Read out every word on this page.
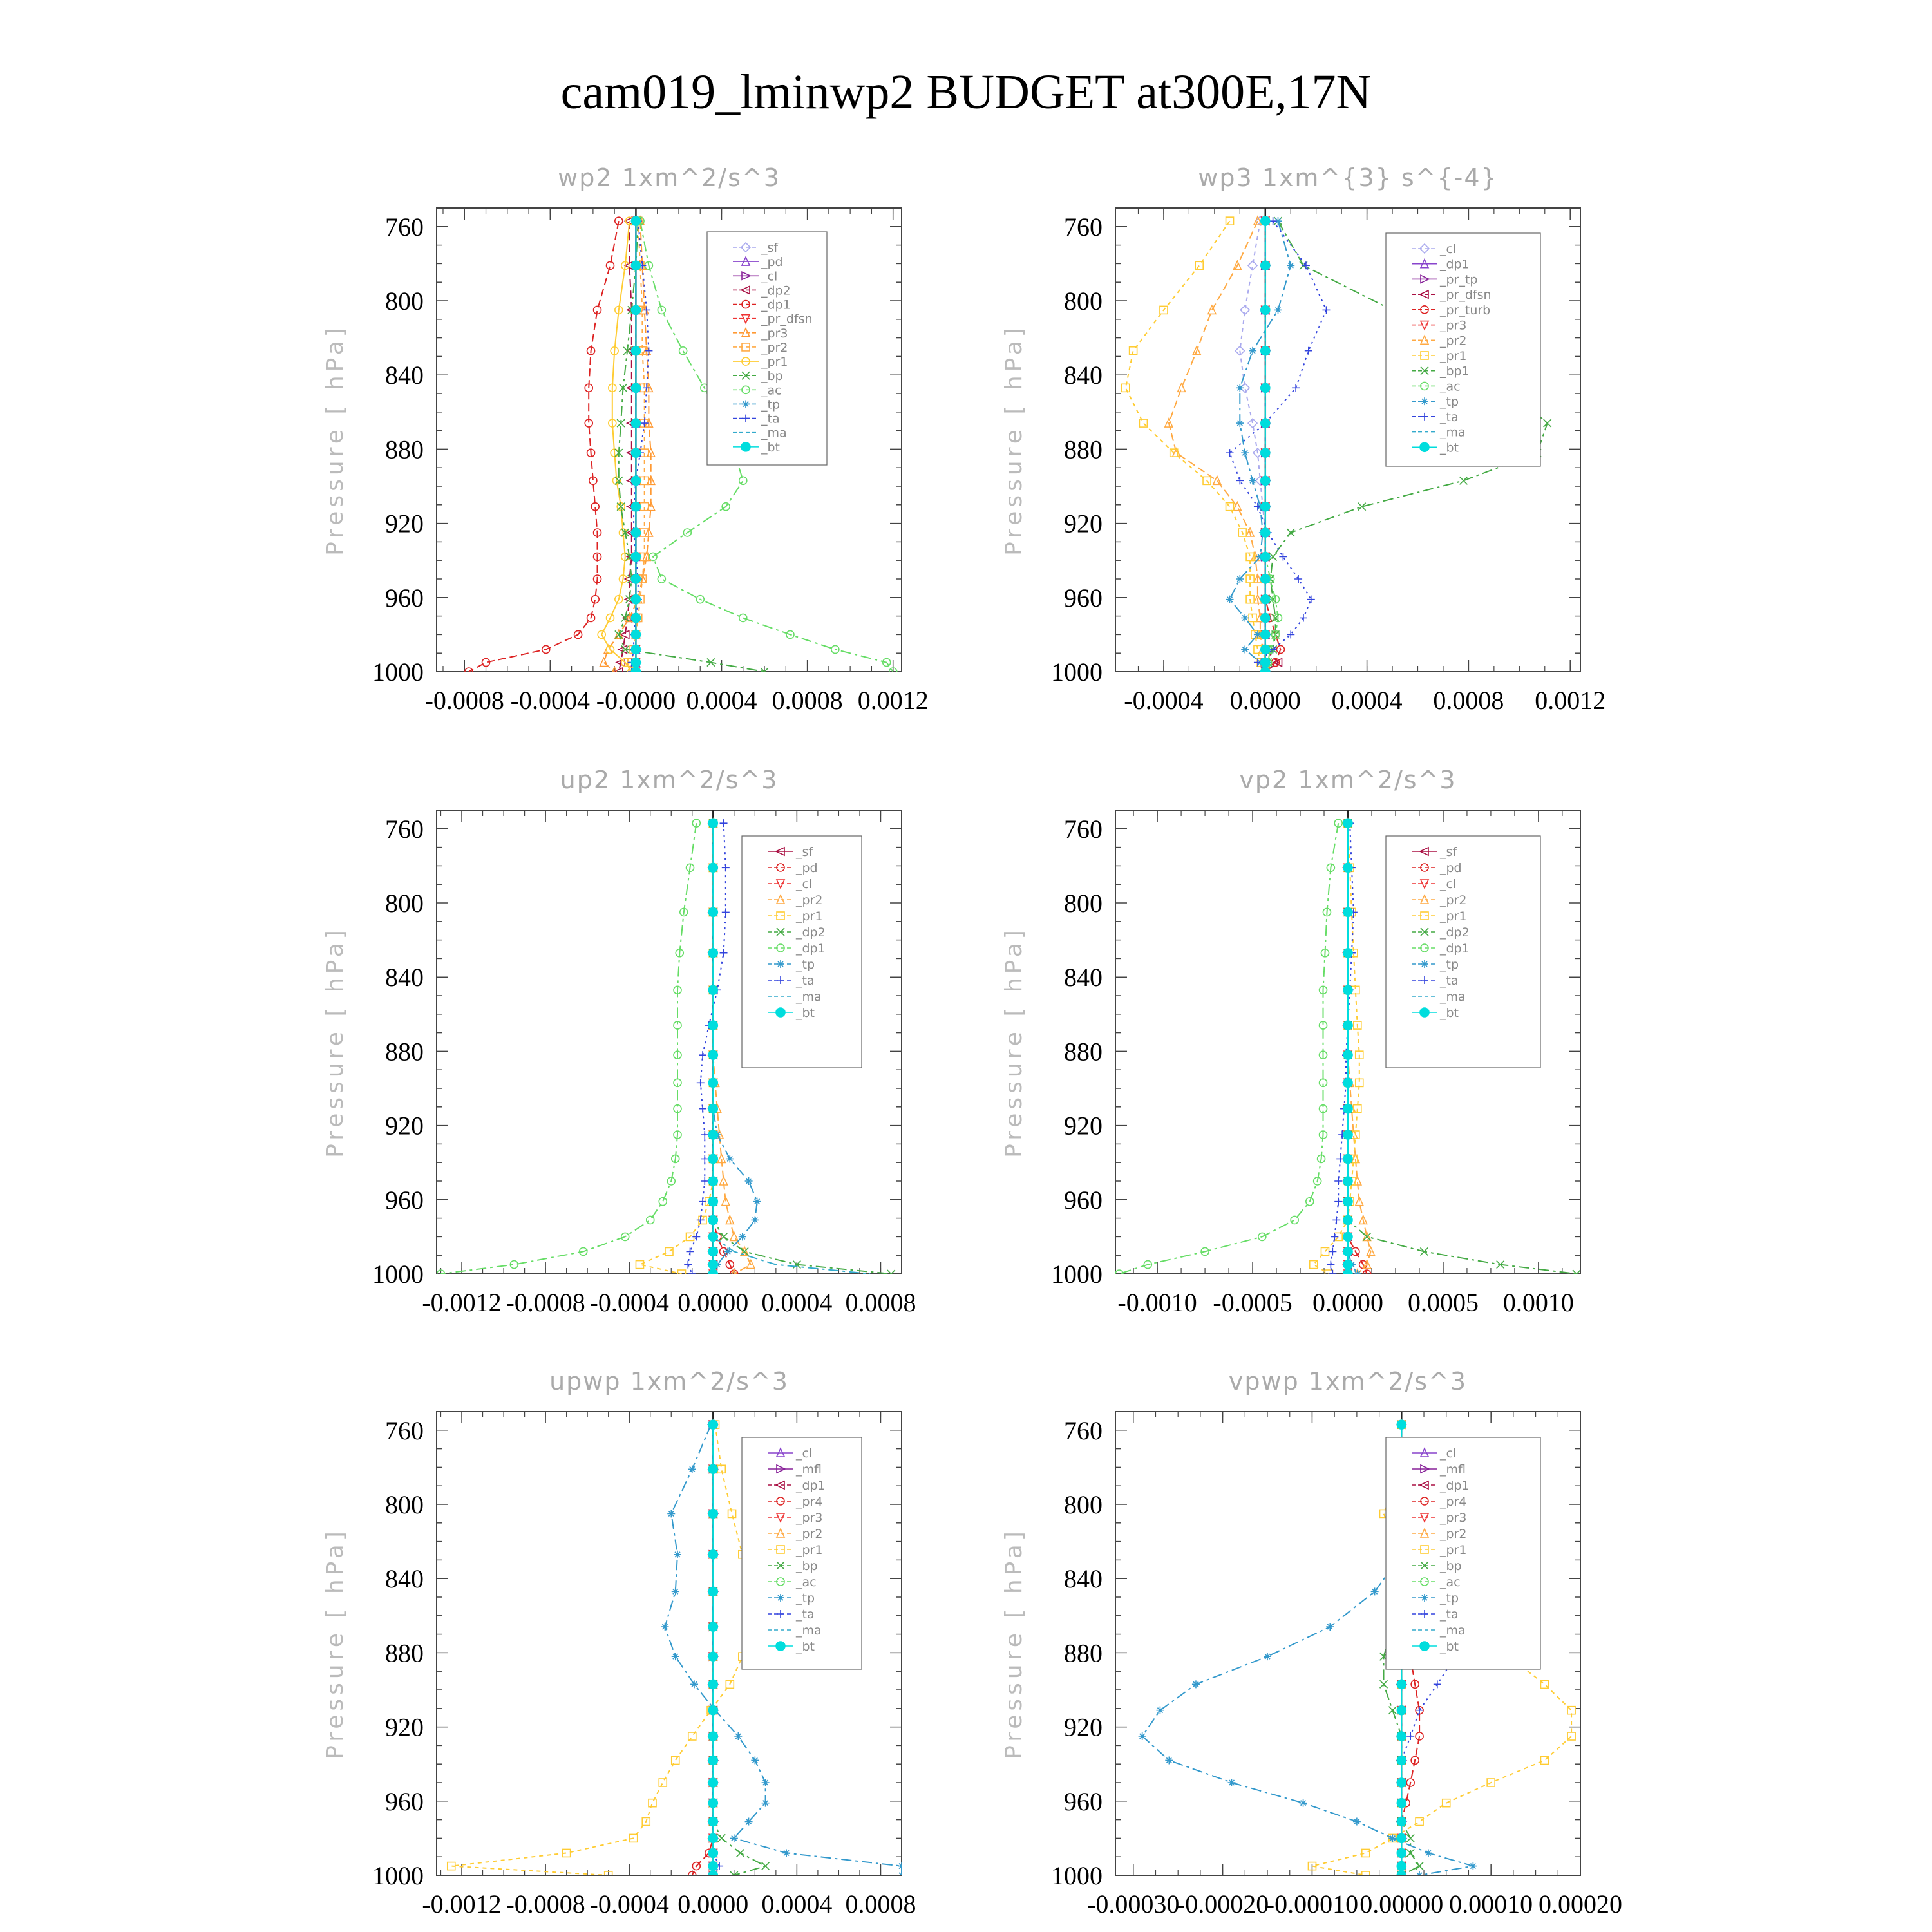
cam019_lminwp2 BUDGET at300E,17N
wp2 1xm^2/s^3
Pressure [ hPa]
760
800
840
880
920
960
1000
-0.0008 -0.0004 -0.0000 0.0004 0.0008 0.0012
_sf
_pd
_cl
_dp2
_dp1
_pr_dfsn
_pr3
_pr2
_pr1
_bp
_ac
_tp
_ta
_ma
_bt
wp3 1xm^{3} s^{-4}
Pressure [ hPa]
760
800
840
880
920
960
1000
-0.0004 0.0000 0.0004 0.0008 0.0012
_cl
_dp1
_pr_tp
_pr_dfsn
_pr_turb
_pr3
_pr2
_pr1
_bp1
_ac
_tp
_ta
_ma
_bt
up2 1xm^2/s^3
Pressure [ hPa]
760
800
840
880
920
960
1000
-0.0012 -0.0008 -0.0004 0.0000 0.0004 0.0008
_sf
_pd
_cl
_pr2
_pr1
_dp2
_dp1
_tp
_ta
_ma
_bt
vp2 1xm^2/s^3
Pressure [ hPa]
760
800
840
880
920
960
1000
-0.0010 -0.0005 0.0000 0.0005 0.0010
_sf
_pd
_cl
_pr2
_pr1
_dp2
_dp1
_tp
_ta
_ma
_bt
upwp 1xm^2/s^3
Pressure [ hPa]
760
800
840
880
920
960
1000
-0.0012 -0.0008 -0.0004 0.0000 0.0004 0.0008
_cl
_mfl
_dp1
_pr4
_pr3
_pr2
_pr1
_bp
_ac
_tp
_ta
_ma
_bt
vpwp 1xm^2/s^3
Pressure [ hPa]
760
800
840
880
920
960
1000
-0.00030
-0.00020
-0.00010 0.00000 0.00010 0.00020
_cl
_mfl
_dp1
_pr4
_pr3
_pr2
_pr1
_bp
_ac
_tp
_ta
_ma
_bt
